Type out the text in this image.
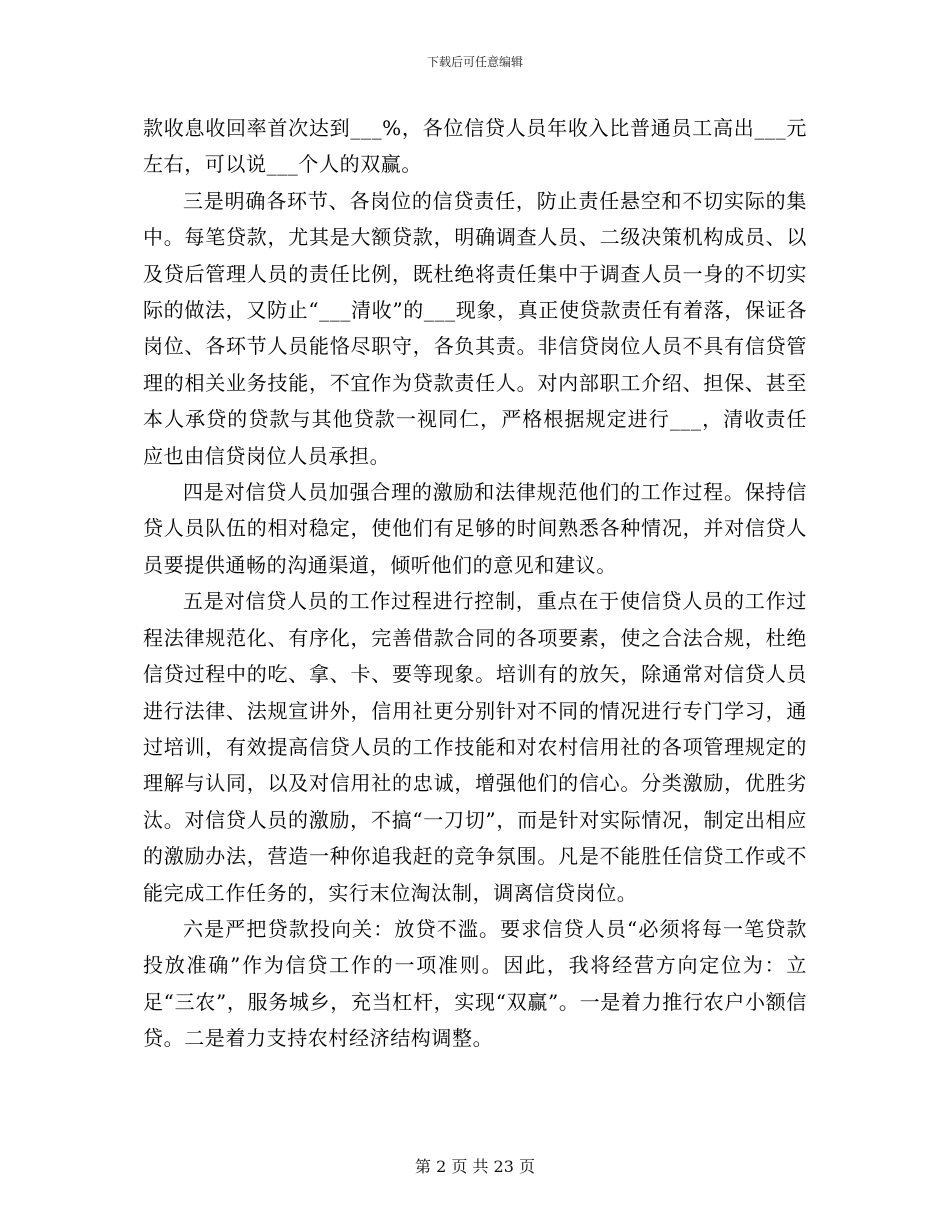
下载后可任意编辑

款收息收回率首次达到___%，各位信贷人员年收入比普通员工高出___元左右，可以说___个人的双赢。

三是明确各环节、各岗位的信贷责任，防止责任悬空和不切实际的集中。每笔贷款，尤其是大额贷款，明确调查人员、二级决策机构成员、以及贷后管理人员的责任比例，既杜绝将责任集中于调查人员一身的不切实际的做法，又防止“___清收”的___现象，真正使贷款责任有着落，保证各岗位、各环节人员能恪尽职守，各负其责。非信贷岗位人员不具有信贷管理的相关业务技能，不宜作为贷款责任人。对内部职工介绍、担保、甚至本人承贷的贷款与其他贷款一视同仁，严格根据规定进行___，清收责任应也由信贷岗位人员承担。

四是对信贷人员加强合理的激励和法律规范他们的工作过程。保持信贷人员队伍的相对稳定，使他们有足够的时间熟悉各种情况，并对信贷人员要提供通畅的沟通渠道，倾听他们的意见和建议。

五是对信贷人员的工作过程进行控制，重点在于使信贷人员的工作过程法律规范化、有序化，完善借款合同的各项要素，使之合法合规，杜绝信贷过程中的吃、拿、卡、要等现象。培训有的放矢，除通常对信贷人员进行法律、法规宣讲外，信用社更分别针对不同的情况进行专门学习，通过培训，有效提高信贷人员的工作技能和对农村信用社的各项管理规定的理解与认同，以及对信用社的忠诚，增强他们的信心。分类激励，优胜劣汰。对信贷人员的激励，不搞“一刀切”，而是针对实际情况，制定出相应的激励办法，营造一种你追我赶的竞争氛围。凡是不能胜任信贷工作或不能完成工作任务的，实行末位淘汰制，调离信贷岗位。

六是严把贷款投向关：放贷不滥。要求信贷人员“必须将每一笔贷款投放准确”作为信贷工作的一项准则。因此，我将经营方向定位为：立足“三农”，服务城乡，充当杠杆，实现“双赢”。一是着力推行农户小额信贷。二是着力支持农村经济结构调整。

第 2 页 共 23 页
